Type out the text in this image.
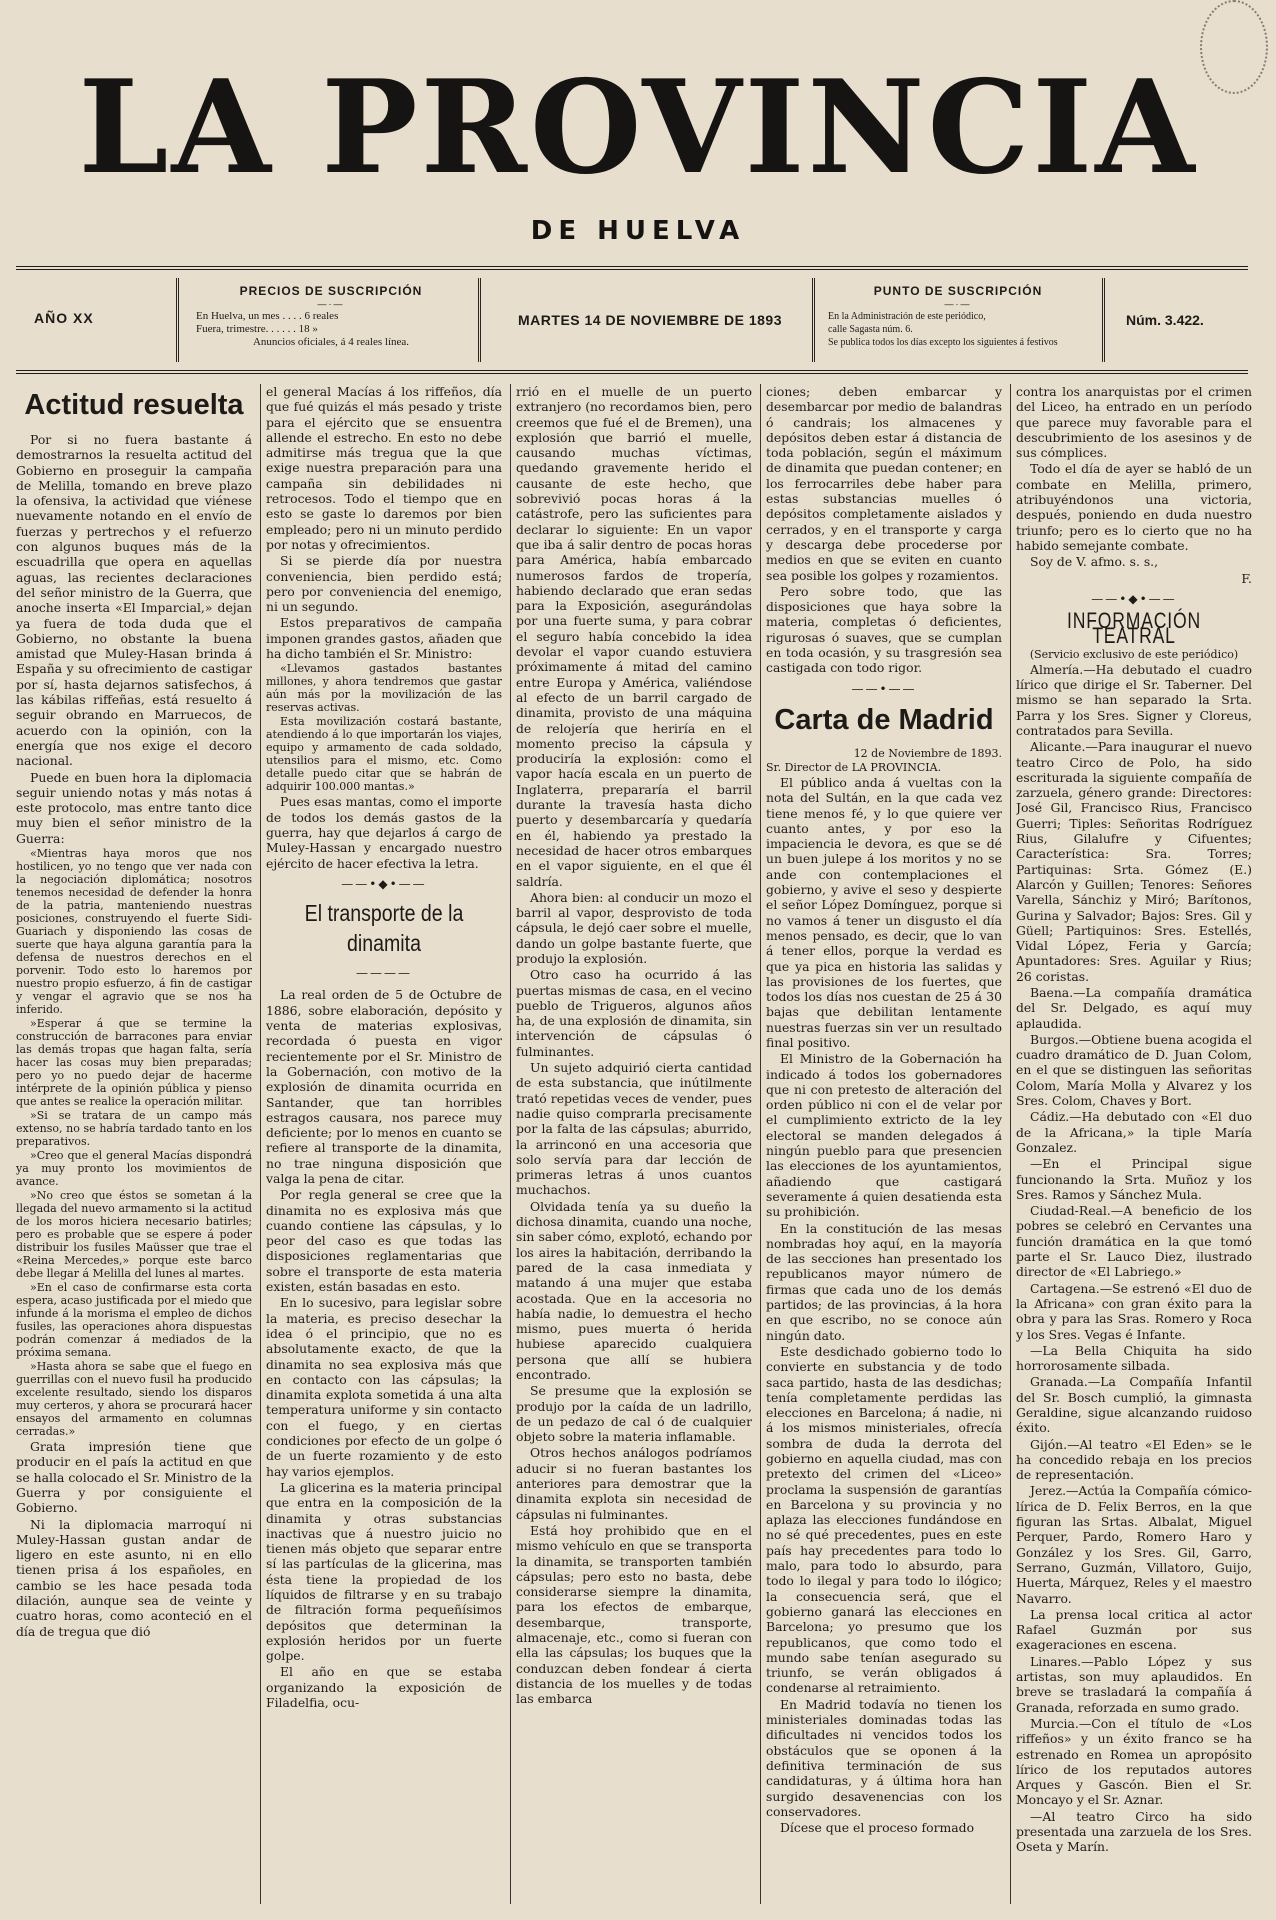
LA PROVINCIA
DE HUELVA
AÑO XX
PRECIOS DE SUSCRIPCIÓN
—·—
En Huelva, un mes . . . . 6 reales
Fuera, trimestre. . . . . . 18 »
Anuncios oficiales, á 4 reales línea.
MARTES 14 DE NOVIEMBRE DE 1893
PUNTO DE SUSCRIPCIÓN
—·—
En la Administración de este periódico,
calle Sagasta núm. 6.
Se publica todos los días excepto los siguientes á festivos
Núm. 3.422.
Actitud resuelta

Por si no fuera bastante á demostrarnos la resuelta actitud del Gobierno en proseguir la campaña de Melilla, tomando en breve plazo la ofensiva, la actividad que viénese nuevamente notando en el envío de fuerzas y pertrechos y el refuerzo con algunos buques más de la escuadrilla que opera en aquellas aguas, las recientes declaraciones del señor ministro de la Guerra, que anoche inserta «El Imparcial,» dejan ya fuera de toda duda que el Gobierno, no obstante la buena amistad que Muley-Hasan brinda á España y su ofrecimiento de castigar por sí, hasta dejarnos satisfechos, á las kábilas riffeñas, está resuelto á seguir obrando en Marruecos, de acuerdo con la opinión, con la energía que nos exige el decoro nacional.

Puede en buen hora la diplomacia seguir uniendo notas y más notas á este protocolo, mas entre tanto dice muy bien el señor ministro de la Guerra:

«Mientras haya moros que nos hostilicen, yo no tengo que ver nada con la negociación diplomática; nosotros tenemos necesidad de defender la honra de la patria, manteniendo nuestras posiciones, construyendo el fuerte Sidi-Guariach y disponiendo las cosas de suerte que haya alguna garantía para la defensa de nuestros derechos en el porvenir. Todo esto lo haremos por nuestro propio esfuerzo, á fin de castigar y vengar el agravio que se nos ha inferido.

»Esperar á que se termine la construcción de barracones para enviar las demás tropas que hagan falta, sería hacer las cosas muy bien preparadas; pero yo no puedo dejar de hacerme intérprete de la opinión pública y pienso que antes se realice la operación militar.

»Si se tratara de un campo más extenso, no se habría tardado tanto en los preparativos.

»Creo que el general Macías dispondrá ya muy pronto los movimientos de avance.

»No creo que éstos se sometan á la llegada del nuevo armamento si la actitud de los moros hiciera necesario batirles; pero es probable que se espere á poder distribuir los fusiles Maüsser que trae el «Reina Mercedes,» porque este barco debe llegar á Melilla del lunes al martes.

»En el caso de confirmarse esta corta espera, acaso justificada por el miedo que infunde á la morisma el empleo de dichos fusiles, las operaciones ahora dispuestas podrán comenzar á mediados de la próxima semana.

»Hasta ahora se sabe que el fuego en guerrillas con el nuevo fusil ha producido excelente resultado, siendo los disparos muy certeros, y ahora se procurará hacer ensayos del armamento en columnas cerradas.»

Grata impresión tiene que producir en el país la actitud en que se halla colocado el Sr. Ministro de la Guerra y por consiguiente el Gobierno.

Ni la diplomacia marroquí ni Muley-Hassan gustan andar de ligero en este asunto, ni en ello tienen prisa á los españoles, en cambio se les hace pesada toda dilación, aunque sea de veinte y cuatro horas, como aconteció en el día de tregua que dió

el general Macías á los riffeños, día que fué quizás el más pesado y triste para el ejército que se ensuentra allende el estrecho. En esto no debe admitirse más tregua que la que exige nuestra preparación para una campaña sin debilidades ni retrocesos. Todo el tiempo que en esto se gaste lo daremos por bien empleado; pero ni un minuto perdido por notas y ofrecimientos.

Si se pierde día por nuestra conveniencia, bien perdido está; pero por conveniencia del enemigo, ni un segundo.

Estos preparativos de campaña imponen grandes gastos, añaden que ha dicho también el Sr. Ministro:

«Llevamos gastados bastantes millones, y ahora tendremos que gastar aún más por la movilización de las reservas activas.

Esta movilización costará bastante, atendiendo á lo que importarán los viajes, equipo y armamento de cada soldado, utensilios para el mismo, etc. Como detalle puedo citar que se habrán de adquirir 100.000 mantas.»

Pues esas mantas, como el importe de todos los demás gastos de la guerra, hay que dejarlos á cargo de Muley-Hassan y encargado nuestro ejército de hacer efectiva la letra.

——•◆•——
El transporte de la dinamita
————

La real orden de 5 de Octubre de 1886, sobre elaboración, depósito y venta de materias explosivas, recordada ó puesta en vigor recientemente por el Sr. Ministro de la Gobernación, con motivo de la explosión de dinamita ocurrida en Santander, que tan horribles estragos causara, nos parece muy deficiente; por lo menos en cuanto se refiere al transporte de la dinamita, no trae ninguna disposición que valga la pena de citar.

Por regla general se cree que la dinamita no es explosiva más que cuando contiene las cápsulas, y lo peor del caso es que todas las disposiciones reglamentarias que sobre el transporte de esta materia existen, están basadas en esto.

En lo sucesivo, para legislar sobre la materia, es preciso desechar la idea ó el principio, que no es absolutamente exacto, de que la dinamita no sea explosiva más que en contacto con las cápsulas; la dinamita explota sometida á una alta temperatura uniforme y sin contacto con el fuego, y en ciertas condiciones por efecto de un golpe ó de un fuerte rozamiento y de esto hay varios ejemplos.

La glicerina es la materia principal que entra en la composición de la dinamita y otras substancias inactivas que á nuestro juicio no tienen más objeto que separar entre sí las partículas de la glicerina, mas ésta tiene la propiedad de los líquidos de filtrarse y en su trabajo de filtración forma pequeñísimos depósitos que determinan la explosión heridos por un fuerte golpe.

El año en que se estaba organizando la exposición de Filadelfia, ocu-

rrió en el muelle de un puerto extranjero (no recordamos bien, pero creemos que fué el de Bremen), una explosión que barrió el muelle, causando muchas víctimas, quedando gravemente herido el causante de este hecho, que sobrevivió pocas horas á la catástrofe, pero las suficientes para declarar lo siguiente: En un vapor que iba á salir dentro de pocas horas para América, había embarcado numerosos fardos de tropería, habiendo declarado que eran sedas para la Exposición, asegurándolas por una fuerte suma, y para cobrar el seguro había concebido la idea devolar el vapor cuando estuviera próximamente á mitad del camino entre Europa y América, valiéndose al efecto de un barril cargado de dinamita, provisto de una máquina de relojería que heriría en el momento preciso la cápsula y produciría la explosión: como el vapor hacía escala en un puerto de Inglaterra, prepararía el barril durante la travesía hasta dicho puerto y desembarcaría y quedaría en él, habiendo ya prestado la necesidad de hacer otros embarques en el vapor siguiente, en el que él saldría.

Ahora bien: al conducir un mozo el barril al vapor, desprovisto de toda cápsula, le dejó caer sobre el muelle, dando un golpe bastante fuerte, que produjo la explosión.

Otro caso ha ocurrido á las puertas mismas de casa, en el vecino pueblo de Trigueros, algunos años ha, de una explosión de dinamita, sin intervención de cápsulas ó fulminantes.

Un sujeto adquirió cierta cantidad de esta substancia, que inútilmente trató repetidas veces de vender, pues nadie quiso comprarla precisamente por la falta de las cápsulas; aburrido, la arrinconó en una accesoria que solo servía para dar lección de primeras letras á unos cuantos muchachos.

Olvidada tenía ya su dueño la dichosa dinamita, cuando una noche, sin saber cómo, explotó, echando por los aires la habitación, derribando la pared de la casa inmediata y matando á una mujer que estaba acostada. Que en la accesoria no había nadie, lo demuestra el hecho mismo, pues muerta ó herida hubiese aparecido cualquiera persona que allí se hubiera encontrado.

Se presume que la explosión se produjo por la caída de un ladrillo, de un pedazo de cal ó de cualquier objeto sobre la materia inflamable.

Otros hechos análogos podríamos aducir si no fueran bastantes los anteriores para demostrar que la dinamita explota sin necesidad de cápsulas ni fulminantes.

Está hoy prohibido que en el mismo vehículo en que se transporta la dinamita, se transporten también cápsulas; pero esto no basta, debe considerarse siempre la dinamita, para los efectos de embarque, desembarque, transporte, almacenaje, etc., como si fueran con ella las cápsulas; los buques que la conduzcan deben fondear á cierta distancia de los muelles y de todas las embarca

ciones; deben embarcar y desembarcar por medio de balandras ó candrais; los almacenes y depósitos deben estar á distancia de toda población, según el máximum de dinamita que puedan contener; en los ferrocarriles debe haber para estas substancias muelles ó depósitos completamente aislados y cerrados, y en el transporte y carga y descarga debe procederse por medios en que se eviten en cuanto sea posible los golpes y rozamientos.

Pero sobre todo, que las disposiciones que haya sobre la materia, completas ó deficientes, rigurosas ó suaves, que se cumplan en toda ocasión, y su trasgresión sea castigada con todo rigor.

——•——
Carta de Madrid

12 de Noviembre de 1893.

Sr. Director de LA PROVINCIA.

El público anda á vueltas con la nota del Sultán, en la que cada vez tiene menos fé, y lo que quiere ver cuanto antes, y por eso la impaciencia le devora, es que se dé un buen julepe á los moritos y no se ande con contemplaciones el gobierno, y avive el seso y despierte el señor López Domínguez, porque si no vamos á tener un disgusto el día menos pensado, es decir, que lo van á tener ellos, porque la verdad es que ya pica en historia las salidas y las provisiones de los fuertes, que todos los días nos cuestan de 25 á 30 bajas que debilitan lentamente nuestras fuerzas sin ver un resultado final positivo.

El Ministro de la Gobernación ha indicado á todos los gobernadores que ni con pretesto de alteración del orden público ni con el de velar por el cumplimiento extricto de la ley electoral se manden delegados á ningún pueblo para que presencien las elecciones de los ayuntamientos, añadiendo que castigará severamente á quien desatienda esta su prohibición.

En la constitución de las mesas nombradas hoy aquí, en la mayoría de las secciones han presentado los republicanos mayor número de firmas que cada uno de los demás partidos; de las provincias, á la hora en que escribo, no se conoce aún ningún dato.

Este desdichado gobierno todo lo convierte en substancia y de todo saca partido, hasta de las desdichas; tenía completamente perdidas las elecciones en Barcelona; á nadie, ni á los mismos ministeriales, ofrecía sombra de duda la derrota del gobierno en aquella ciudad, mas con pretexto del crimen del «Liceo» proclama la suspensión de garantías en Barcelona y su provincia y no aplaza las elecciones fundándose en no sé qué precedentes, pues en este país hay precedentes para todo lo malo, para todo lo absurdo, para todo lo ilegal y para todo lo ilógico; la consecuencia será, que el gobierno ganará las elecciones en Barcelona; yo presumo que los republicanos, que como todo el mundo sabe tenían asegurado su triunfo, se verán obligados á condenarse al retraimiento.

En Madrid todavía no tienen los ministeriales dominadas todas las dificultades ni vencidos todos los obstáculos que se oponen á la definitiva terminación de sus candidaturas, y á última hora han surgido desavenencias con los conservadores.

Dícese que el proceso formado

contra los anarquistas por el crimen del Liceo, ha entrado en un período que parece muy favorable para el descubrimiento de los asesinos y de sus cómplices.

Todo el día de ayer se habló de un combate en Melilla, primero, atribuyéndonos una victoria, después, poniendo en duda nuestro triunfo; pero es lo cierto que no ha habido semejante combate.

Soy de V. afmo. s. s.,

F.

——•◆•——
INFORMACIÓN TEATRAL

(Servicio exclusivo de este periódico)

Almería.—Ha debutado el cuadro lírico que dirige el Sr. Taberner. Del mismo se han separado la Srta. Parra y los Sres. Signer y Cloreus, contratados para Sevilla.

Alicante.—Para inaugurar el nuevo teatro Circo de Polo, ha sido escriturada la siguiente compañía de zarzuela, género grande: Directores: José Gil, Francisco Rius, Francisco Guerri; Tiples: Señoritas Rodríguez Rius, Gilalufre y Cifuentes; Característica: Sra. Torres; Partiquinas: Srta. Gómez (E.) Alarcón y Guillen; Tenores: Señores Varella, Sánchiz y Miró; Barítonos, Gurina y Salvador; Bajos: Sres. Gil y Güell; Partiquinos: Sres. Estellés, Vidal López, Feria y García; Apuntadores: Sres. Aguilar y Rius; 26 coristas.

Baena.—La compañía dramática del Sr. Delgado, es aquí muy aplaudida.

Burgos.—Obtiene buena acogida el cuadro dramático de D. Juan Colom, en el que se distinguen las señoritas Colom, María Molla y Alvarez y los Sres. Colom, Chaves y Bort.

Cádiz.—Ha debutado con «El duo de la Africana,» la tiple María Gonzalez.

—En el Principal sigue funcionando la Srta. Muñoz y los Sres. Ramos y Sánchez Mula.

Ciudad-Real.—A beneficio de los pobres se celebró en Cervantes una función dramática en la que tomó parte el Sr. Lauco Diez, ilustrado director de «El Labriego.»

Cartagena.—Se estrenó «El duo de la Africana» con gran éxito para la obra y para las Sras. Romero y Roca y los Sres. Vegas é Infante.

—La Bella Chiquita ha sido horrorosamente silbada.

Granada.—La Compañía Infantil del Sr. Bosch cumplió, la gimnasta Geraldine, sigue alcanzando ruidoso éxito.

Gijón.—Al teatro «El Eden» se le ha concedido rebaja en los precios de representación.

Jerez.—Actúa la Compañía cómico-lírica de D. Felix Berros, en la que figuran las Srtas. Albalat, Miguel Perquer, Pardo, Romero Haro y González y los Sres. Gil, Garro, Serrano, Guzmán, Villatoro, Guijo, Huerta, Márquez, Reles y el maestro Navarro.

La prensa local critica al actor Rafael Guzmán por sus exageraciones en escena.

Linares.—Pablo López y sus artistas, son muy aplaudidos. En breve se trasladará la compañía á Granada, reforzada en sumo grado.

Murcia.—Con el título de «Los riffeños» y un éxito franco se ha estrenado en Romea un apropósito lírico de los reputados autores Arques y Gascón. Bien el Sr. Moncayo y el Sr. Aznar.

—Al teatro Circo ha sido presentada una zarzuela de los Sres. Oseta y Marín.
